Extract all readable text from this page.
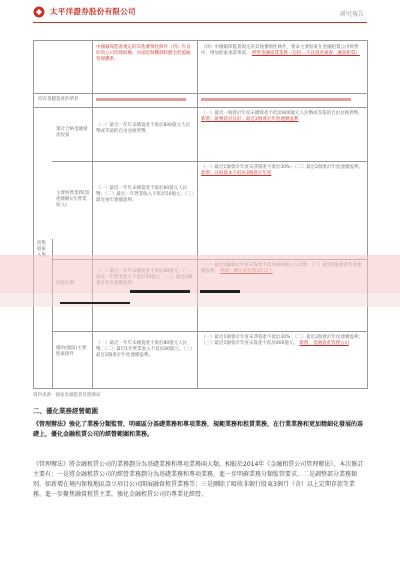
太平洋證券股份有限公司	研究報告
持有基礎資產的債券
預計合格金融資產投資
主要經營業務(資產總額)(年營業收入)
國內(地區)主要股東條件
控股股東
中國銀保監會規定的其他審慎性條件（四）有良好的公司治理結構、內部控制機制和健全的風險管理體系。
（四）中國銀保監會規定的其他審慎性條件，要求主要股東在金融租賃公司經營中，增加股東承諾事項。 經營金融租賃業務（包括：不良資產處置、融資租賃）
（一）最近一年年末總資產不低於800億元人民幣或等值的自由兌換貨幣。
（一）最近一個會計年度末總資產不低於800億元人民幣或等值的自由兌換貨幣。 新增：財務狀況良好，最近2個會計年度連續盈利
（一）最近一年年末總資產不低於80億元人民幣；（二）最近一年營業收入不低於50億元；（三）最近兩年連續盈利。
（一）最近1個會計年度末淨資產不低於30%；（二）最近2個會計年度連續盈利。 新增：註冊資本不低於3個會計年度
（一）最近一年年末總資產不低於80億元人民幣；（二）最近1年營業收入不低於80億元；（三）最近2個會計年度連續盈利。
（一）最近1個會計年度末淨資產不低於30%；（二）最近2個會計年度連續盈利；（三）最近1個會計年度末資產不低於800億元。 新增：金融資產管理公司
資料來源：國家金融監督管理總局
二、優化業務經營範圍
《管理辦法》強化了業務分類監管，明確區分基礎業務和專項業務，規範業務和租賃業務，在行業業務和更加精細化發展的基礎上，優化金融租賃公司的經營範圍和業務。
《管理辦法》將金融租賃公司的業務劃分為基礎業務和專項業務兩大類，相較於2014年《金融租賃公司管理辦法》，本次修訂主要有：一是將金融租賃公司的經營業務劃分為基礎業務和專項業務，進一步明確業務分類監管要求，二是調整部分業務類別，如新增在境內保稅地區設立項目公司開展融資租賃業務等；三是刪除了吸收非銀行股東3個月（含）以上定期存款等業務，進一步聚焦融資租賃主業，強化金融租賃公司的專業化經營。
